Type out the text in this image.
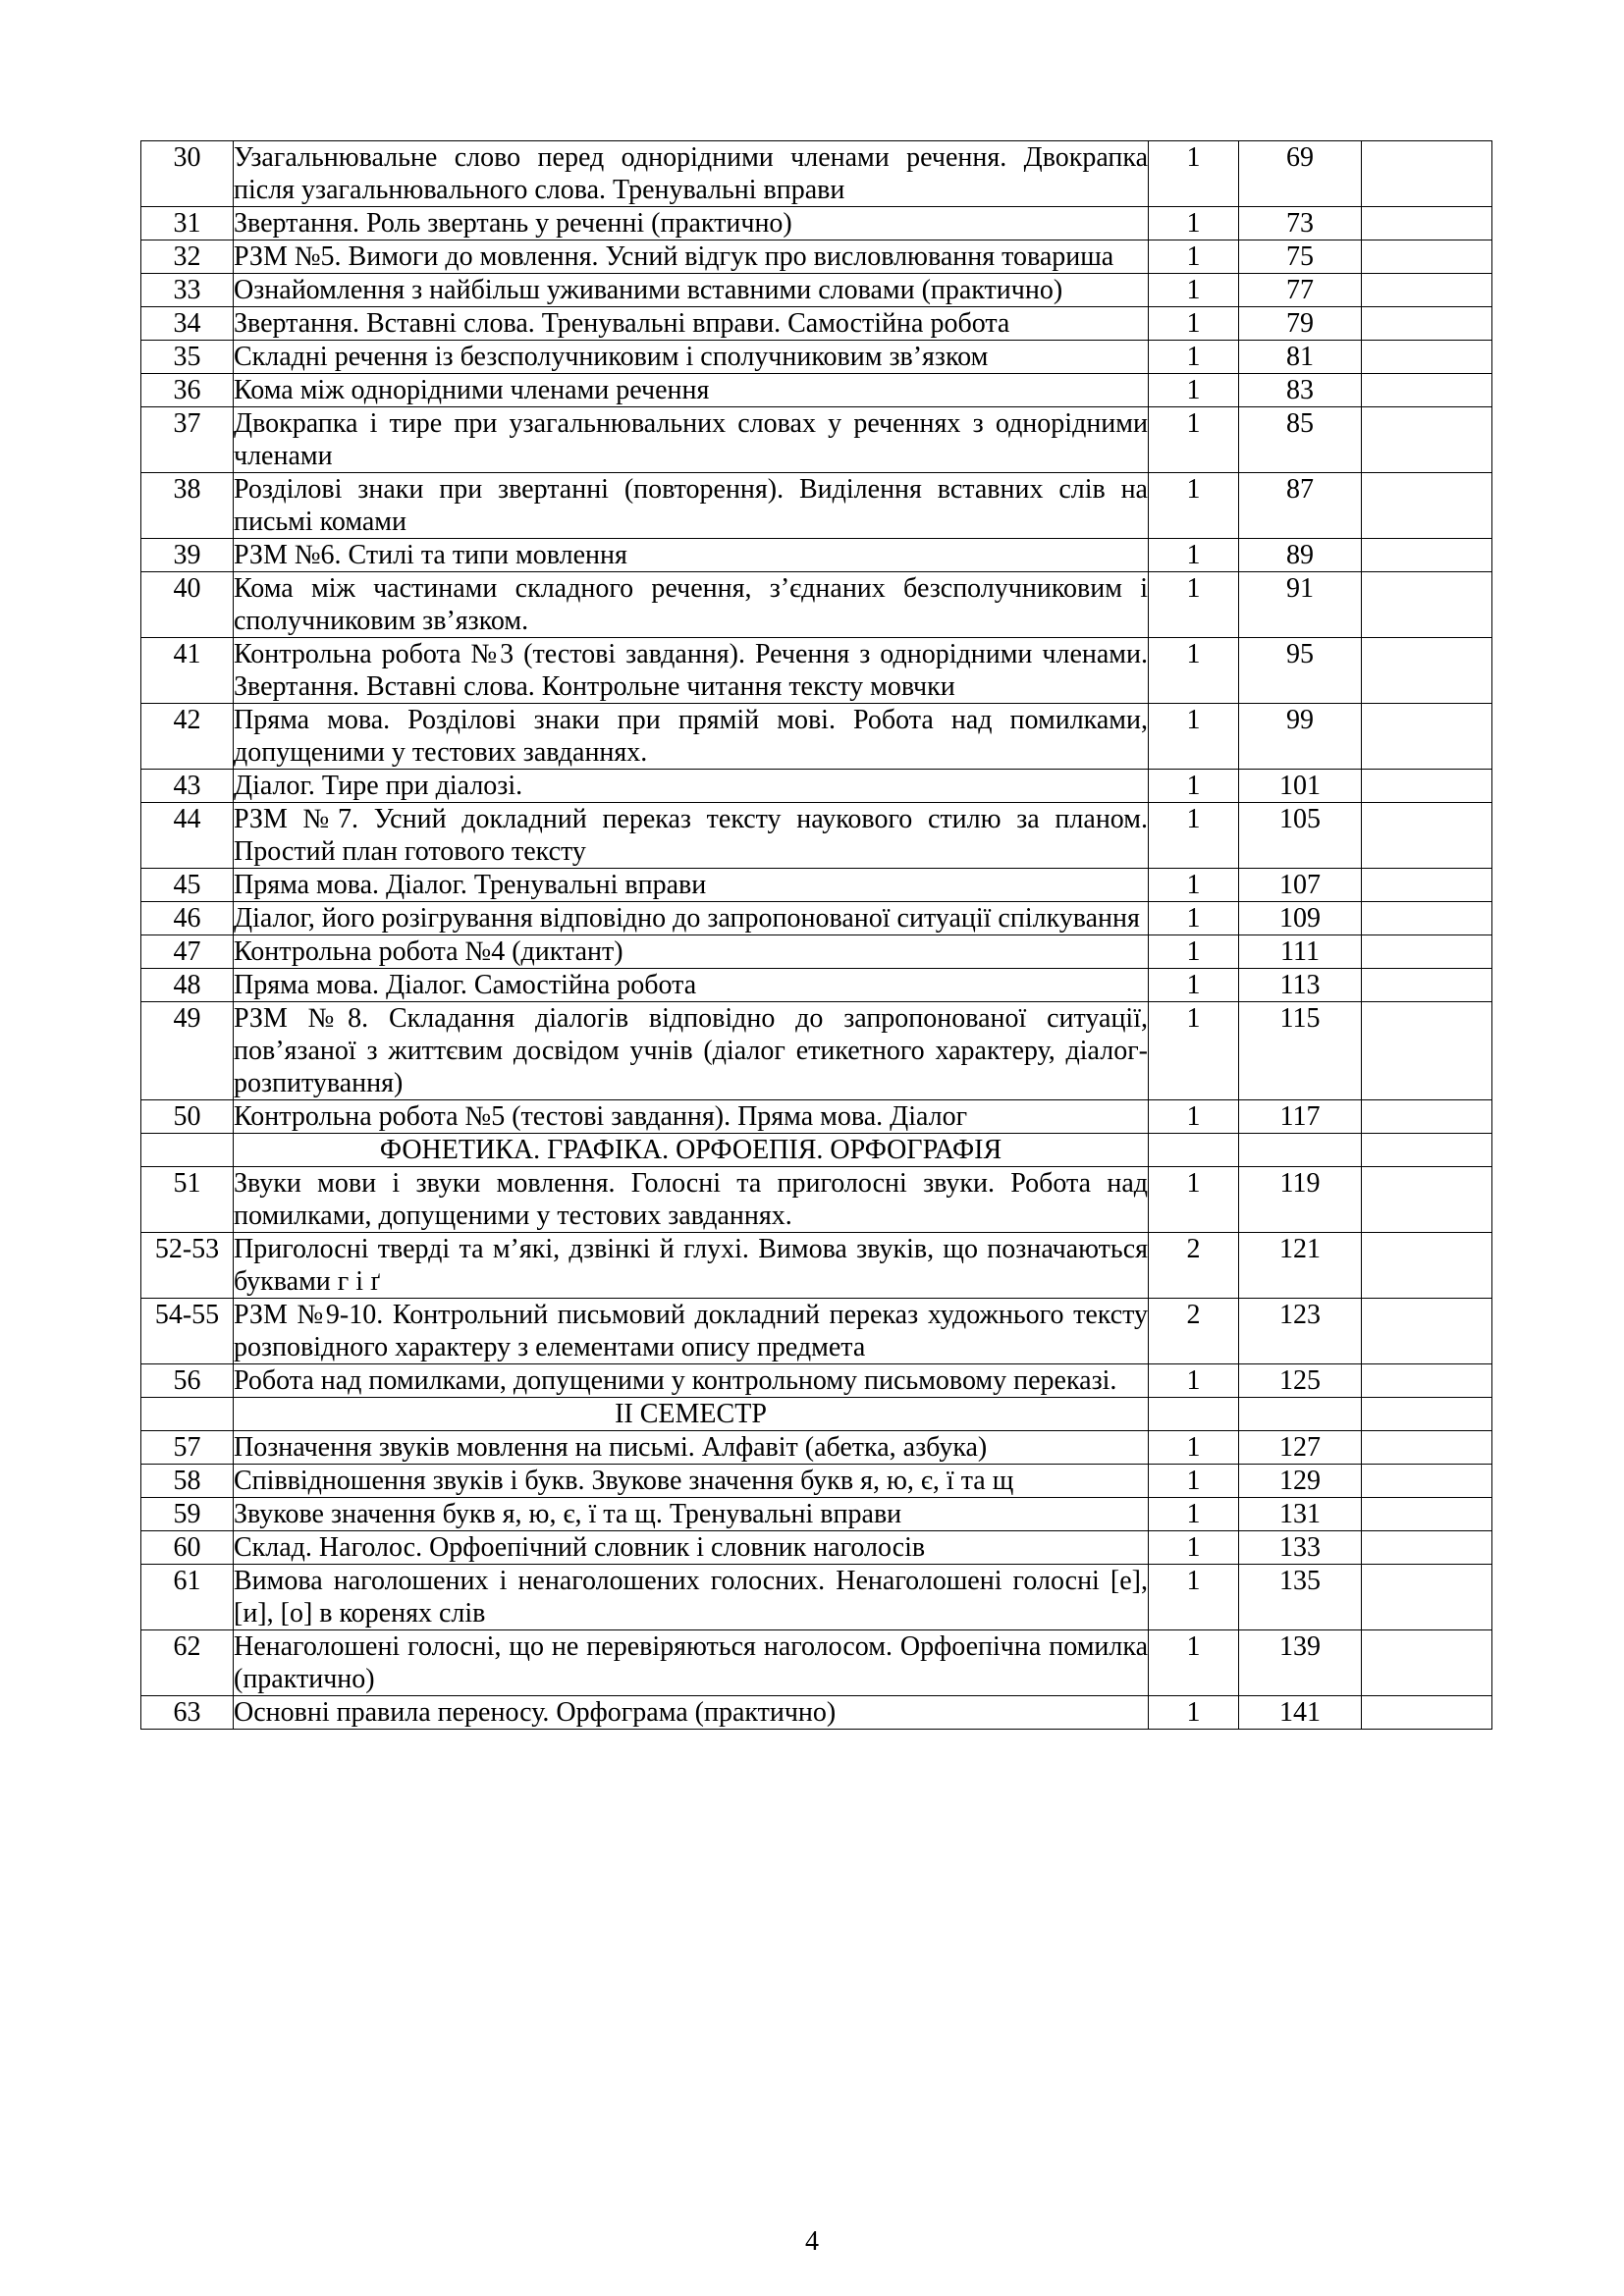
30	Узагальнювальне слово перед однорідними членами речення. Двокрапка після узагальнювального слова. Тренувальні вправи	1	69	
31	Звертання. Роль звертань у реченні (практично)	1	73	
32	РЗМ №5. Вимоги до мовлення. Усний відгук про висловлювання товариша	1	75	
33	Ознайомлення з найбільш уживаними вставними словами (практично)	1	77	
34	Звертання. Вставні слова. Тренувальні вправи. Самостійна робота	1	79	
35	Складні речення із безсполучниковим і сполучниковим зв’язком	1	81	
36	Кома між однорідними членами речення	1	83	
37	Двокрапка і тире при узагальнювальних словах у реченнях з однорідними членами	1	85	
38	Розділові знаки при звертанні (повторення). Виділення вставних слів на письмі комами	1	87	
39	РЗМ №6. Стилі та типи мовлення	1	89	
40	Кома між частинами складного речення, з’єднаних безсполучниковим і сполучниковим зв’язком.	1	91	
41	Контрольна робота №3 (тестові завдання). Речення з однорідними членами. Звертання. Вставні слова. Контрольне читання тексту мовчки	1	95	
42	Пряма мова. Розділові знаки при прямій мові. Робота над помилками, допущеними у тестових завданнях.	1	99	
43	Діалог. Тире при діалозі.	1	101	
44	РЗМ №7. Усний докладний переказ тексту наукового стилю за планом. Простий план готового тексту	1	105	
45	Пряма мова. Діалог. Тренувальні вправи	1	107	
46	Діалог, його розігрування відповідно до запропонованої ситуації спілкування	1	109	
47	Контрольна робота №4 (диктант)	1	111	
48	Пряма мова. Діалог. Самостійна робота	1	113	
49	РЗМ №8. Складання діалогів відповідно до запропонованої ситуації, пов’язаної з життєвим досвідом учнів (діалог етикетного характеру, діалог-розпитування)	1	115	
50	Контрольна робота №5 (тестові завдання). Пряма мова. Діалог	1	117	
	ФОНЕТИКА. ГРАФІКА. ОРФОЕПІЯ. ОРФОГРАФІЯ			
51	Звуки мови і звуки мовлення. Голосні та приголосні звуки. Робота над помилками, допущеними у тестових завданнях.	1	119	
52-53	Приголосні тверді та м’які, дзвінкі й глухі. Вимова звуків, що позначаються буквами г і ґ	2	121	
54-55	РЗМ №9-10. Контрольний письмовий докладний переказ художнього тексту розповідного характеру з елементами опису предмета	2	123	
56	Робота над помилками, допущеними у контрольному письмовому переказі.	1	125	
	ІІ СЕМЕСТР			
57	Позначення звуків мовлення на письмі. Алфавіт (абетка, азбука)	1	127	
58	Співвідношення звуків і букв. Звукове значення букв я, ю, є, ї та щ	1	129	
59	Звукове значення букв я, ю, є, ї та щ. Тренувальні вправи	1	131	
60	Склад. Наголос. Орфоепічний словник і словник наголосів	1	133	
61	Вимова наголошених і ненаголошених голосних. Ненаголошені голосні [е], [и], [о] в коренях слів	1	135	
62	Ненаголошені голосні, що не перевіряються наголосом. Орфоепічна помилка (практично)	1	139	
63	Основні правила переносу. Орфограма (практично)	1	141	
4
